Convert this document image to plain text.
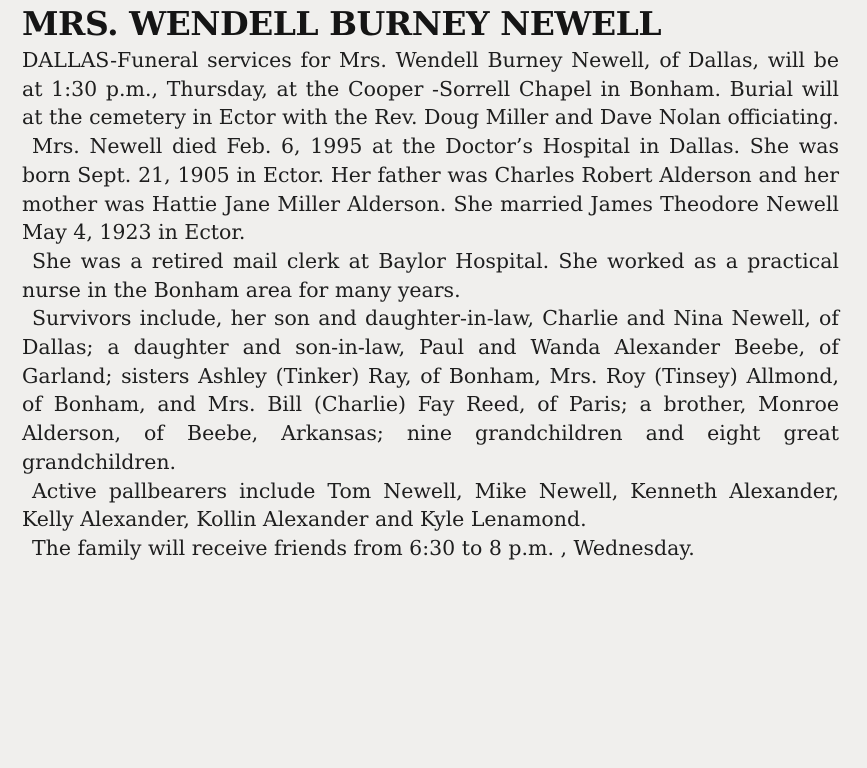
MRS. WENDELL BURNEY NEWELL

DALLAS-Funeral services for Mrs. Wendell Burney Newell, of Dallas, will be at 1:30 p.m., Thursday, at the Cooper -Sorrell Chapel in Bonham. Burial will at the cemetery in Ector with the Rev. Doug Miller and Dave Nolan officiating.

Mrs. Newell died Feb. 6, 1995 at the Doctor’s Hospital in Dallas. She was born Sept. 21, 1905 in Ector. Her father was Charles Robert Alderson and her mother was Hattie Jane Miller Alderson. She married James Theodore Newell May 4, 1923 in Ector.

She was a retired mail clerk at Baylor Hospital. She worked as a practical nurse in the Bonham area for many years.

Survivors include, her son and daughter-in-law, Charlie and Nina Newell, of Dallas; a daughter and son-in-law, Paul and Wanda Alexander Beebe, of Garland; sisters Ashley (Tinker) Ray, of Bonham, Mrs. Roy (Tinsey) Allmond, of Bonham, and Mrs. Bill (Charlie) Fay Reed, of Paris; a brother, Monroe Alderson, of Beebe, Arkansas; nine grandchildren and eight great grandchildren.

Active pallbearers include Tom Newell, Mike Newell, Kenneth Alexander, Kelly Alexander, Kollin Alexander and Kyle Lenamond.

The family will receive friends from 6:30 to 8 p.m. , Wednesday.
